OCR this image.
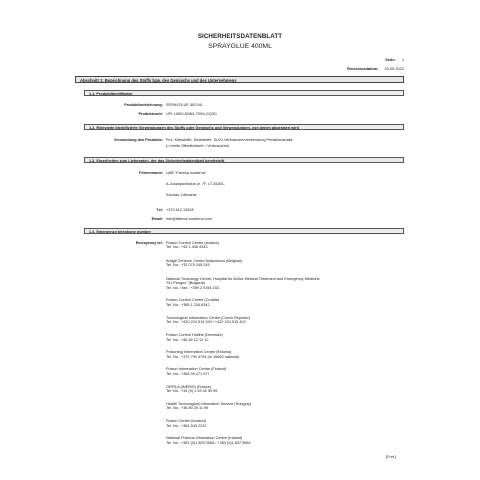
SICHERHEITSDATENBLATT
SPRAYGLUE 400ML
Seite: 1
Revisionsdatum: 20.05.2022
Abschnitt 1: Bezeichnung des Stoffs bzw. des Gemischs und des Unternehmens
1.1. Produktidentifikator
Produktbezeichnung: SPRAYGLUE 400 ML
Produktcode: UFI: U800-60W4-700A-GQ3G
1.2. Relevante identifizierte Verwendungen des Stoffs oder Gemischs und Verwendungen, von denen abgeraten wird
Verwendung des Produkts: Pc1: Klebstoffe, Dichtstoffe. SU21 Verbraucherverwendung Privathaushalte
(= breite Öffentlichkeit = Verbraucher)
1.3. Einzelheiten zum Lieferanten, der das Sicherheitsdatenblatt bereitstellt
Firmenname: UAB "Fabrica moderna"
A.Juozapavičiaus pr. 7F, LT-45251,
Kaunas, Lithuania
Tel: +370 612 10528
Email: info@fabrica-moderna.com
1.4. Emergency telephone number
Emergency tel: Poison Control Centre (Austria)
Tel. No.: +43 1 406 4343
Antigif Centrum Centre Antipoisons (Belgium)
Tel. No.: +32 070 245 245
National Toxicology Centre, Hospital for Active Medical Treatment and Emergency Medicine
"N.I.Pirogov" (Bulgaria)
Tel. No. / fax.: +359 2 9154 233
Poison Control Centre (Croatia)
Tel. No.: +385 1 234 8342
Toxicological Information Centre (Czech Republic)
Tel. No.: +420 224 919 293 / +420 224 915 402
Poison Control Hotline (Denmark)
Tel. No.: +45 82 12 12 12
Poisoning Information Centre (Estonia)
Tel. No.: +372 794 3794 (or 16662 national)
Poison Information Centre (Finland)
Tel. No.: +358 09 471 977
ORFILA (INERIS) (France)
Tel. No.: +33 (0) 1 45 42 59 59
Health Toxicological Information Service (Hungary)
Tel. No.: +36 80 20 11 99
Poison Centre (Iceland)
Tel. No.: +354 543 2222
National Poisons Information Centre (Ireland)
Tel. No.: +353 (0)1 809 2566 / +353 (0)1 837 9964
[Fort.]
